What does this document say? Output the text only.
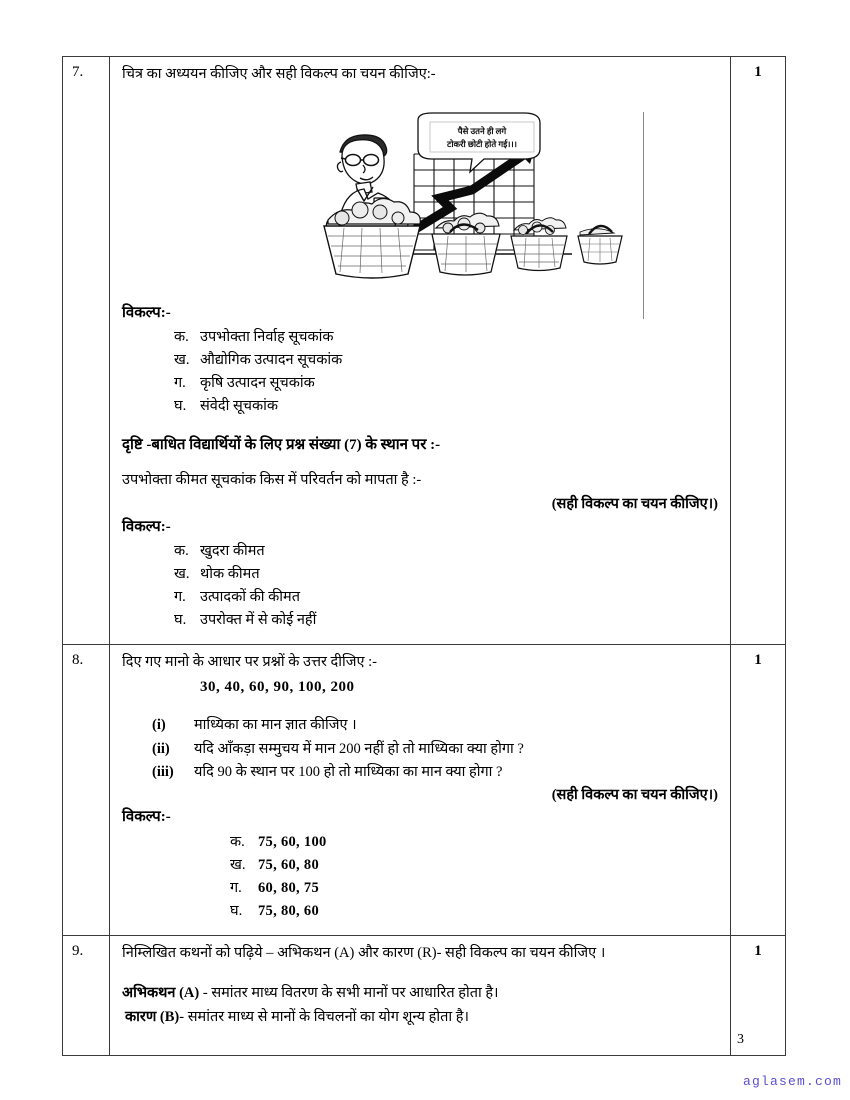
7.	चित्र का अध्ययन कीजिए और सही विकल्प का चयन कीजिए:-
पैसे उतने ही लगे
टोकरी छोटी होते गई।।।
विकल्प:-
क. उपभोक्ता निर्वाह सूचकांक
ख. औद्योगिक उत्पादन सूचकांक
ग. कृषि उत्पादन सूचकांक
घ. संवेदी सूचकांक
दृष्टि -बाधित विद्यार्थियों के लिए प्रश्न संख्या (7) के स्थान पर :-
उपभोक्ता कीमत सूचकांक किस में परिवर्तन को मापता है :-
(सही विकल्प का चयन कीजिए।)
विकल्प:-
क. खुदरा कीमत
ख. थोक कीमत
ग. उत्पादकों की कीमत
घ. उपरोक्त में से कोई नहीं

1

8.	दिए गए मानो के आधार पर प्रश्नों के उत्तर दीजिए :-
30, 40, 60, 90, 100, 200
(i)	माध्यिका का मान ज्ञात कीजिए ।
(ii)	यदि आँकड़ा सम्मुचय में मान 200 नहीं हो तो माध्यिका क्या होगा ?
(iii)	यदि 90 के स्थान पर 100 हो तो माध्यिका का मान क्या होगा ?
(सही विकल्प का चयन कीजिए।)
विकल्प:-
क. 75, 60, 100
ख. 75, 60, 80
ग.	60, 80, 75
घ.	75, 80, 60

1

9.	निम्लिखित कथनों को पढ़िये – अभिकथन (A) और कारण (R)- सही विकल्प का चयन कीजिए ।
अभिकथन (A) - समांतर माध्य वितरण के सभी मानों पर आधारित होता है।
कारण (B)- समांतर माध्य से मानों के विचलनों का योग शून्य होता है।	1
3
aglasem.com
